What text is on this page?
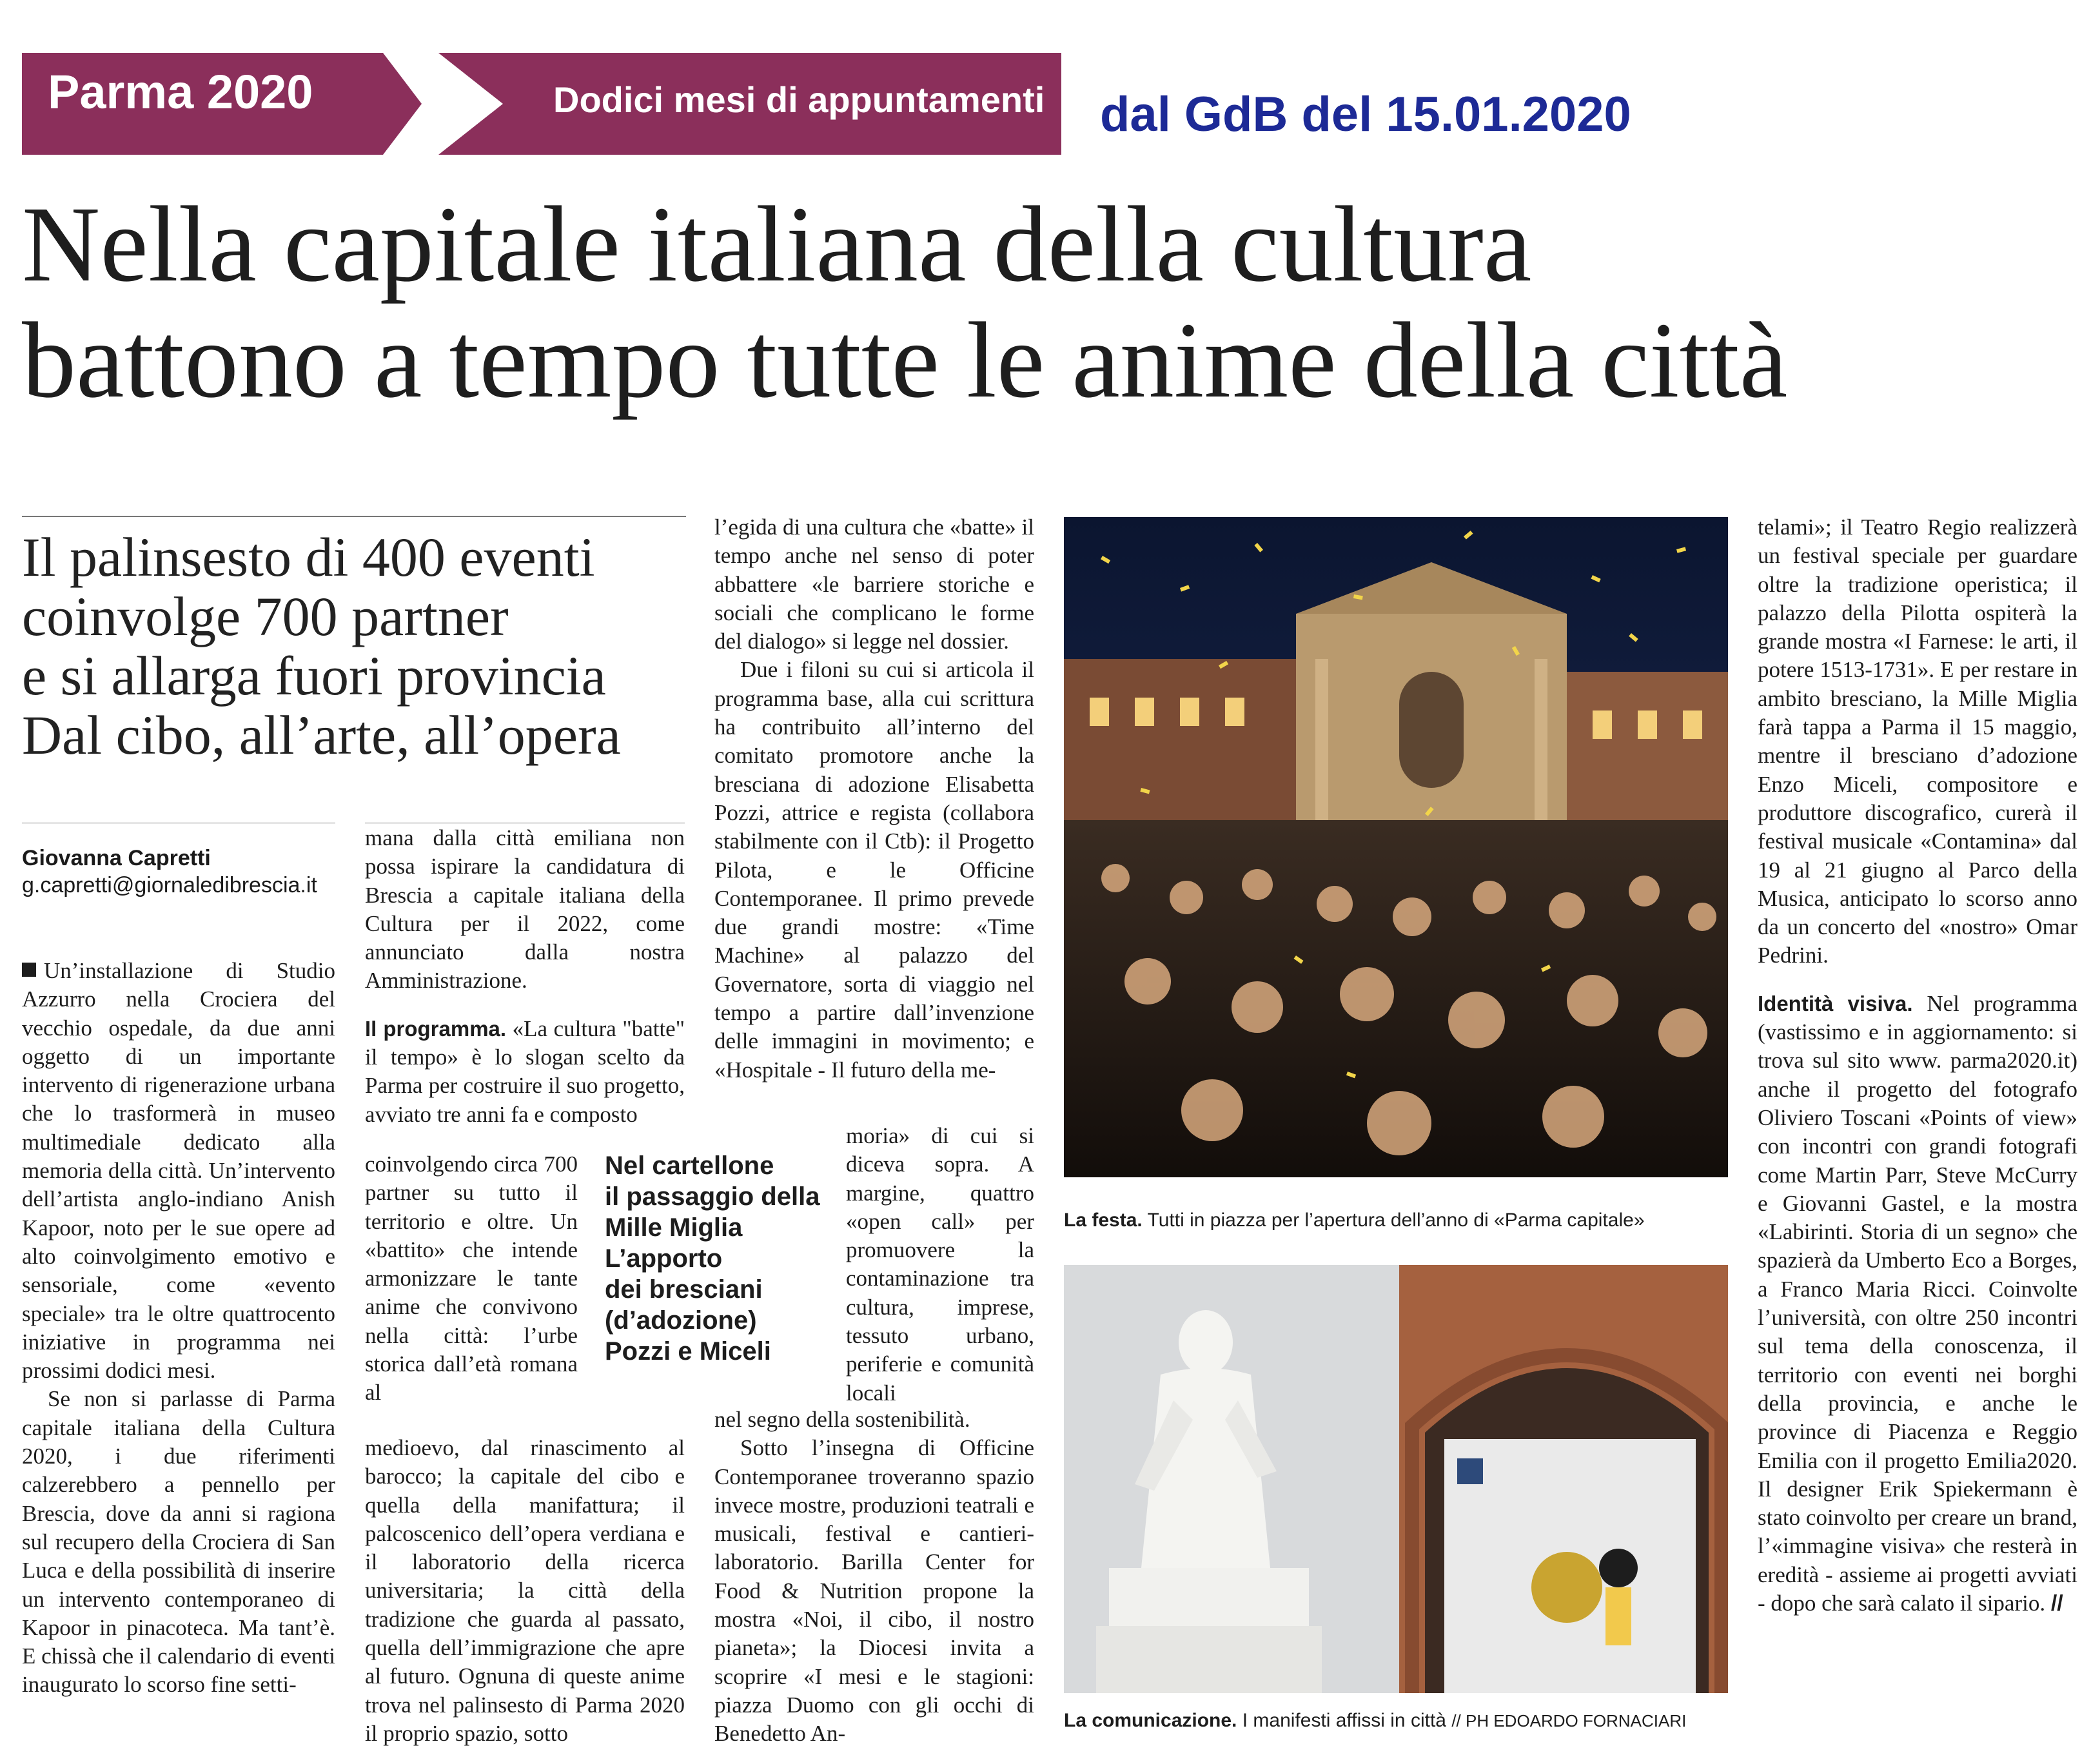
Parma 2020	Dodici mesi di appuntamenti dal GdB del 15.01.2020
Nella capitale italiana della cultura
battono a tempo tutte le anime della città
Il palinsesto di 400 eventi
coinvolge 700 partner
e si allarga fuori provincia
Dal cibo, all’arte, all’opera
Giovanna Capretti
g.capretti@giornaledibrescia.it

Un’installazione di Studio Azzurro nella Crociera del vecchio ospedale, da due anni oggetto di un importante intervento di rigenerazione urbana che lo trasformerà in museo multimediale dedicato alla memoria della città. Un’intervento dell’artista anglo-indiano Anish Kapoor, noto per le sue opere ad alto coinvolgimento emotivo e sensoriale, come «evento speciale» tra le oltre quattrocento iniziative in programma nei prossimi dodici mesi.

Se non si parlasse di Parma capitale italiana della Cultura 2020, i due riferimenti calzerebbero a pennello per Brescia, dove da anni si ragiona sul recupero della Crociera di San Luca e della possibilità di inserire un intervento contemporaneo di Kapoor in pinacoteca. Ma tant’è. E chissà che il calendario di eventi inaugurato lo scorso fine setti-

mana dalla città emiliana non possa ispirare la candidatura di Brescia a capitale italiana della Cultura per il 2022, come annunciato dalla nostra Amministrazione.

Il programma. «La cultura "batte" il tempo» è lo slogan scelto da Parma per costruire il suo progetto, avviato tre anni fa e composto

coinvolgendo circa 700 partner su tutto il territorio e oltre. Un «battito» che intende armonizzare le tante anime che convivono nella città: l’urbe storica dall’età romana al

medioevo, dal rinascimento al barocco; la capitale del cibo e quella della manifattura; il palcoscenico dell’opera verdiana e il laboratorio della ricerca universitaria; la città della tradizione che guarda al passato, quella dell’immigrazione che apre al futuro. Ognuna di queste anime trova nel palinsesto di Parma 2020 il proprio spazio, sotto

l’egida di una cultura che «batte» il tempo anche nel senso di poter abbattere «le barriere storiche e sociali che complicano le forme del dialogo» si legge nel dossier.

Due i filoni su cui si articola il programma base, alla cui scrittura ha contribuito all’interno del comitato promotore anche la bresciana di adozione Elisabetta Pozzi, attrice e regista (collabora stabilmente con il Ctb): il Progetto Pilota, e le Officine Contemporanee. Il primo prevede due grandi mostre: «Time Machine» al palazzo del Governatore, sorta di viaggio nel tempo a partire dall’invenzione delle immagini in movimento; e «Hospitale - Il futuro della me-

moria» di cui si diceva sopra. A margine, quattro «open call» per promuovere la contaminazione tra cultura, imprese, tessuto urbano, periferie e comunità locali

nel segno della sostenibilità.

Sotto l’insegna di Officine Contemporanee troveranno spazio invece mostre, produzioni teatrali e musicali, festival e cantieri-laboratorio. Barilla Center for Food & Nutrition propone la mostra «Noi, il cibo, il nostro pianeta»; la Diocesi invita a scoprire «I mesi e le stagioni: piazza Duomo con gli occhi di Benedetto An-

Nel cartellone
il passaggio della
Mille Miglia
L’apporto
dei bresciani
(d’adozione)
Pozzi e Miceli
La festa. Tutti in piazza per l’apertura dell’anno di «Parma capitale»
La comunicazione. I manifesti affissi in città // PH EDOARDO FORNACIARI

telami»; il Teatro Regio realizzerà un festival speciale per guardare oltre la tradizione operistica; il palazzo della Pilotta ospiterà la grande mostra «I Farnese: le arti, il potere 1513-1731». E per restare in ambito bresciano, la Mille Miglia farà tappa a Parma il 15 maggio, mentre il bresciano d’adozione Enzo Miceli, compositore e produttore discografico, curerà il festival musicale «Contamina» dal 19 al 21 giugno al Parco della Musica, anticipato lo scorso anno da un concerto del «nostro» Omar Pedrini.

Identità visiva. Nel programma (vastissimo e in aggiornamento: si trova sul sito www. parma2020.it) anche il progetto del fotografo Oliviero Toscani «Points of view» con incontri con grandi fotografi come Martin Parr, Steve McCurry e Giovanni Gastel, e la mostra «Labirinti. Storia di un segno» che spazierà da Umberto Eco a Borges, a Franco Maria Ricci. Coinvolte l’università, con oltre 250 incontri sul tema della conoscenza, il territorio con eventi nei borghi della provincia, e anche le province di Piacenza e Reggio Emilia con il progetto Emilia2020. Il designer Erik Spiekermann è stato coinvolto per creare un brand, l’«immagine visiva» che resterà in eredità - assieme ai progetti avviati - dopo che sarà calato il sipario. //
